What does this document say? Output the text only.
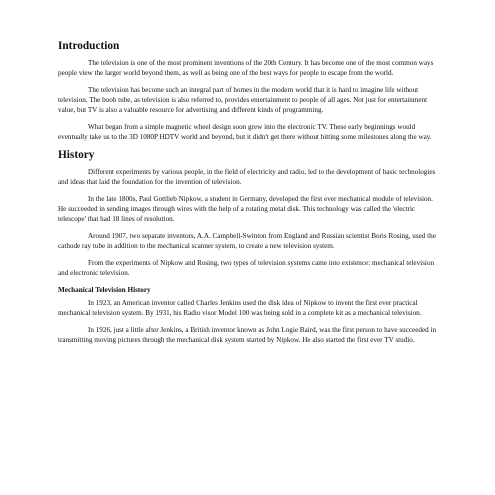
Introduction

The television is one of the most prominent inventions of the 20th Century. It has become one of the most common ways people view the larger world beyond them, as well as being one of the best ways for people to escape from the world.

The television has become such an integral part of homes in the modern world that it is hard to imagine life without television. The boob tube, as television is also referred to, provides entertainment to people of all ages. Not just for entertainment value, but TV is also a valuable resource for advertising and different kinds of programming.

What began from a simple magnetic wheel design soon grew into the electronic TV. These early beginnings would eventually take us to the 3D 1080P HDTV world and beyond, but it didn't get there without hitting some milestones along the way.

History

Different experiments by various people, in the field of electricity and radio, led to the development of basic technologies and ideas that laid the foundation for the invention of television.

In the late 1800s, Paul Gottlieb Nipkow, a student in Germany, developed the first ever mechanical module of television. He succeeded in sending images through wires with the help of a rotating metal disk. This technology was called the 'electric telescope' that had 18 lines of resolution.

Around 1907, two separate inventors, A.A. Campbell-Swinton from England and Russian scientist Boris Rosing, used the cathode ray tube in addition to the mechanical scanner system, to create a new television system.

From the experiments of Nipkow and Rosing, two types of television systems came into existence: mechanical television and electronic television.

Mechanical Television History

In 1923, an American inventor called Charles Jenkins used the disk idea of Nipkow to invent the first ever practical mechanical television system. By 1931, his Radio visor Model 100 was being sold in a complete kit as a mechanical television.

In 1926, just a little after Jenkins, a British inventor known as John Logie Baird, was the first person to have succeeded in transmitting moving pictures through the mechanical disk system started by Nipkow. He also started the first ever TV studio.
